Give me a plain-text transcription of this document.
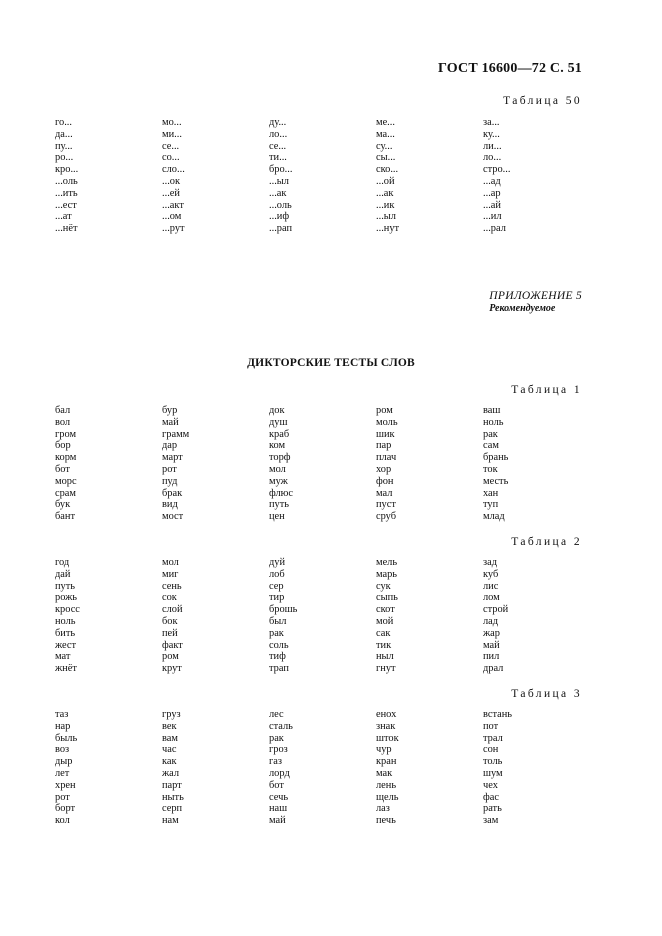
ГОСТ 16600—72 С. 51
Таблица 50
го...	мо...	ду...	ме...	за...
да...	ми...	ло...	ма...	ку...
пу...	се...	се...	су...	ли...
ро...	со...	ти...	сы...	ло...
кро...	сло...	бро...	ско...	стро...
...оль	...ок	...ыл	...ой	...ад
...ить	...ей	...ак	...ак	...ар
...ест	...акт	...оль	...ик	...ай
...ат	...ом	...иф	...ыл	...ил
...нёт	...рут	...рап	...нут	...рал
ПРИЛОЖЕНИЕ 5
Рекомендуемое
ДИКТОРСКИЕ ТЕСТЫ СЛОВ
Таблица 1
бал	бур	док	ром	ваш
вол	май	душ	моль	ноль
гром	грамм	краб	шик	рак
бор	дар	ком	пар	сам
корм	март	торф	плач	брань
бот	рот	мол	хор	ток
морс	пуд	муж	фон	месть
срам	брак	флюс	мал	хан
бук	вид	путь	пуст	туп
бант	мост	цен	сруб	млад
Таблица 2
год	мол	дуй	мель	зад
дай	миг	лоб	марь	куб
путь	сень	сер	сук	лис
рожь	сок	тир	сыпь	лом
кросс	слой	брошь	скот	строй
ноль	бок	был	мой	лад
бить	пей	рак	сак	жар
жест	факт	соль	тик	май
мат	ром	тиф	ныл	пил
жнёт	крут	трап	гнут	драл
Таблица 3
таз	груз	лес	енох	встань
нар	век	сталь	знак	пот
быль	вам	рак	шток	трал
воз	час	гроз	чур	сон
дыр	как	газ	кран	толь
лет	жал	лорд	мак	шум
хрен	парт	бот	лень	чех
рот	ныть	сечь	щель	фас
борт	серп	наш	лаз	рать
кол	нам	май	печь	зам
